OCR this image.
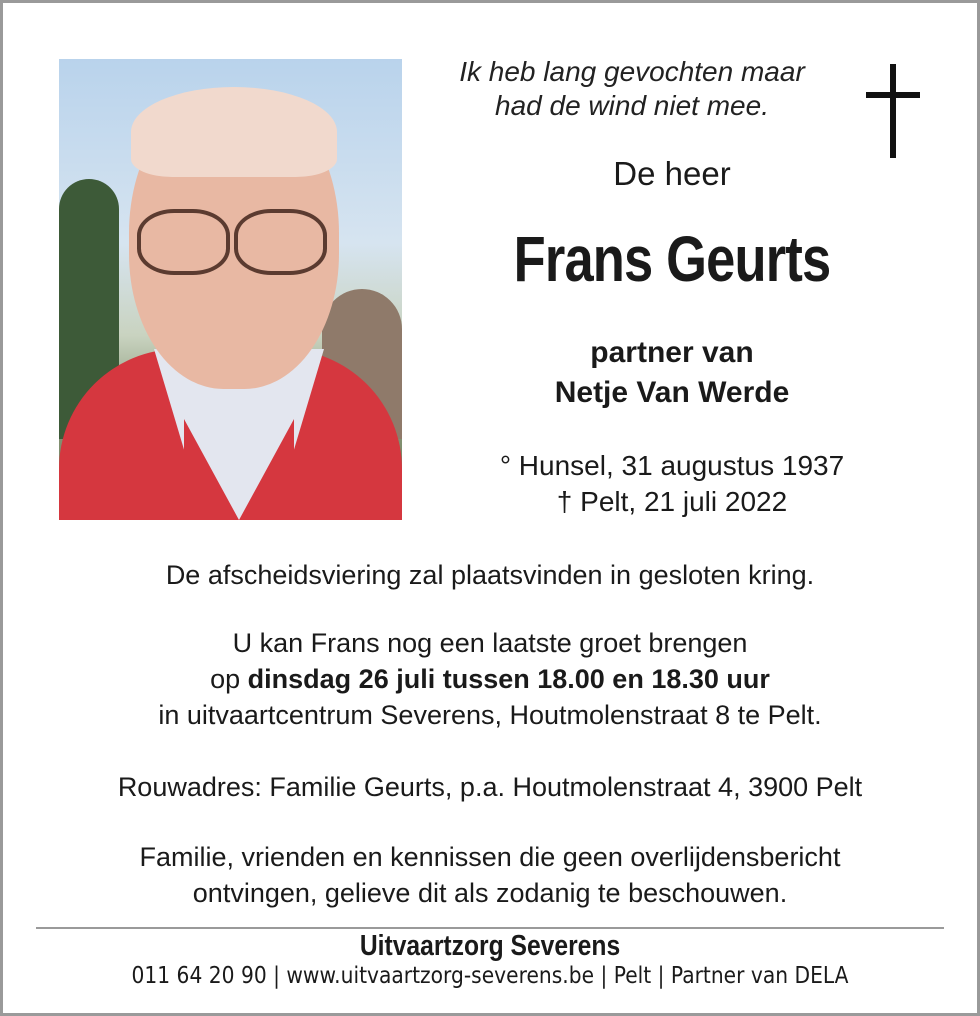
Ik heb lang gevochten maar
had de wind niet mee.
De heer
Frans Geurts
partner van
Netje Van Werde
° Hunsel, 31 augustus 1937
† Pelt, 21 juli 2022
De afscheidsviering zal plaatsvinden in gesloten kring.
U kan Frans nog een laatste groet brengen
op dinsdag 26 juli tussen 18.00 en 18.30 uur
in uitvaartcentrum Severens, Houtmolenstraat 8 te Pelt.
Rouwadres: Familie Geurts, p.a. Houtmolenstraat 4, 3900 Pelt
Familie, vrienden en kennissen die geen overlijdensbericht
ontvingen, gelieve dit als zodanig te beschouwen.
Uitvaartzorg Severens
011 64 20 90 | www.uitvaartzorg-severens.be | Pelt | Partner van DELA
